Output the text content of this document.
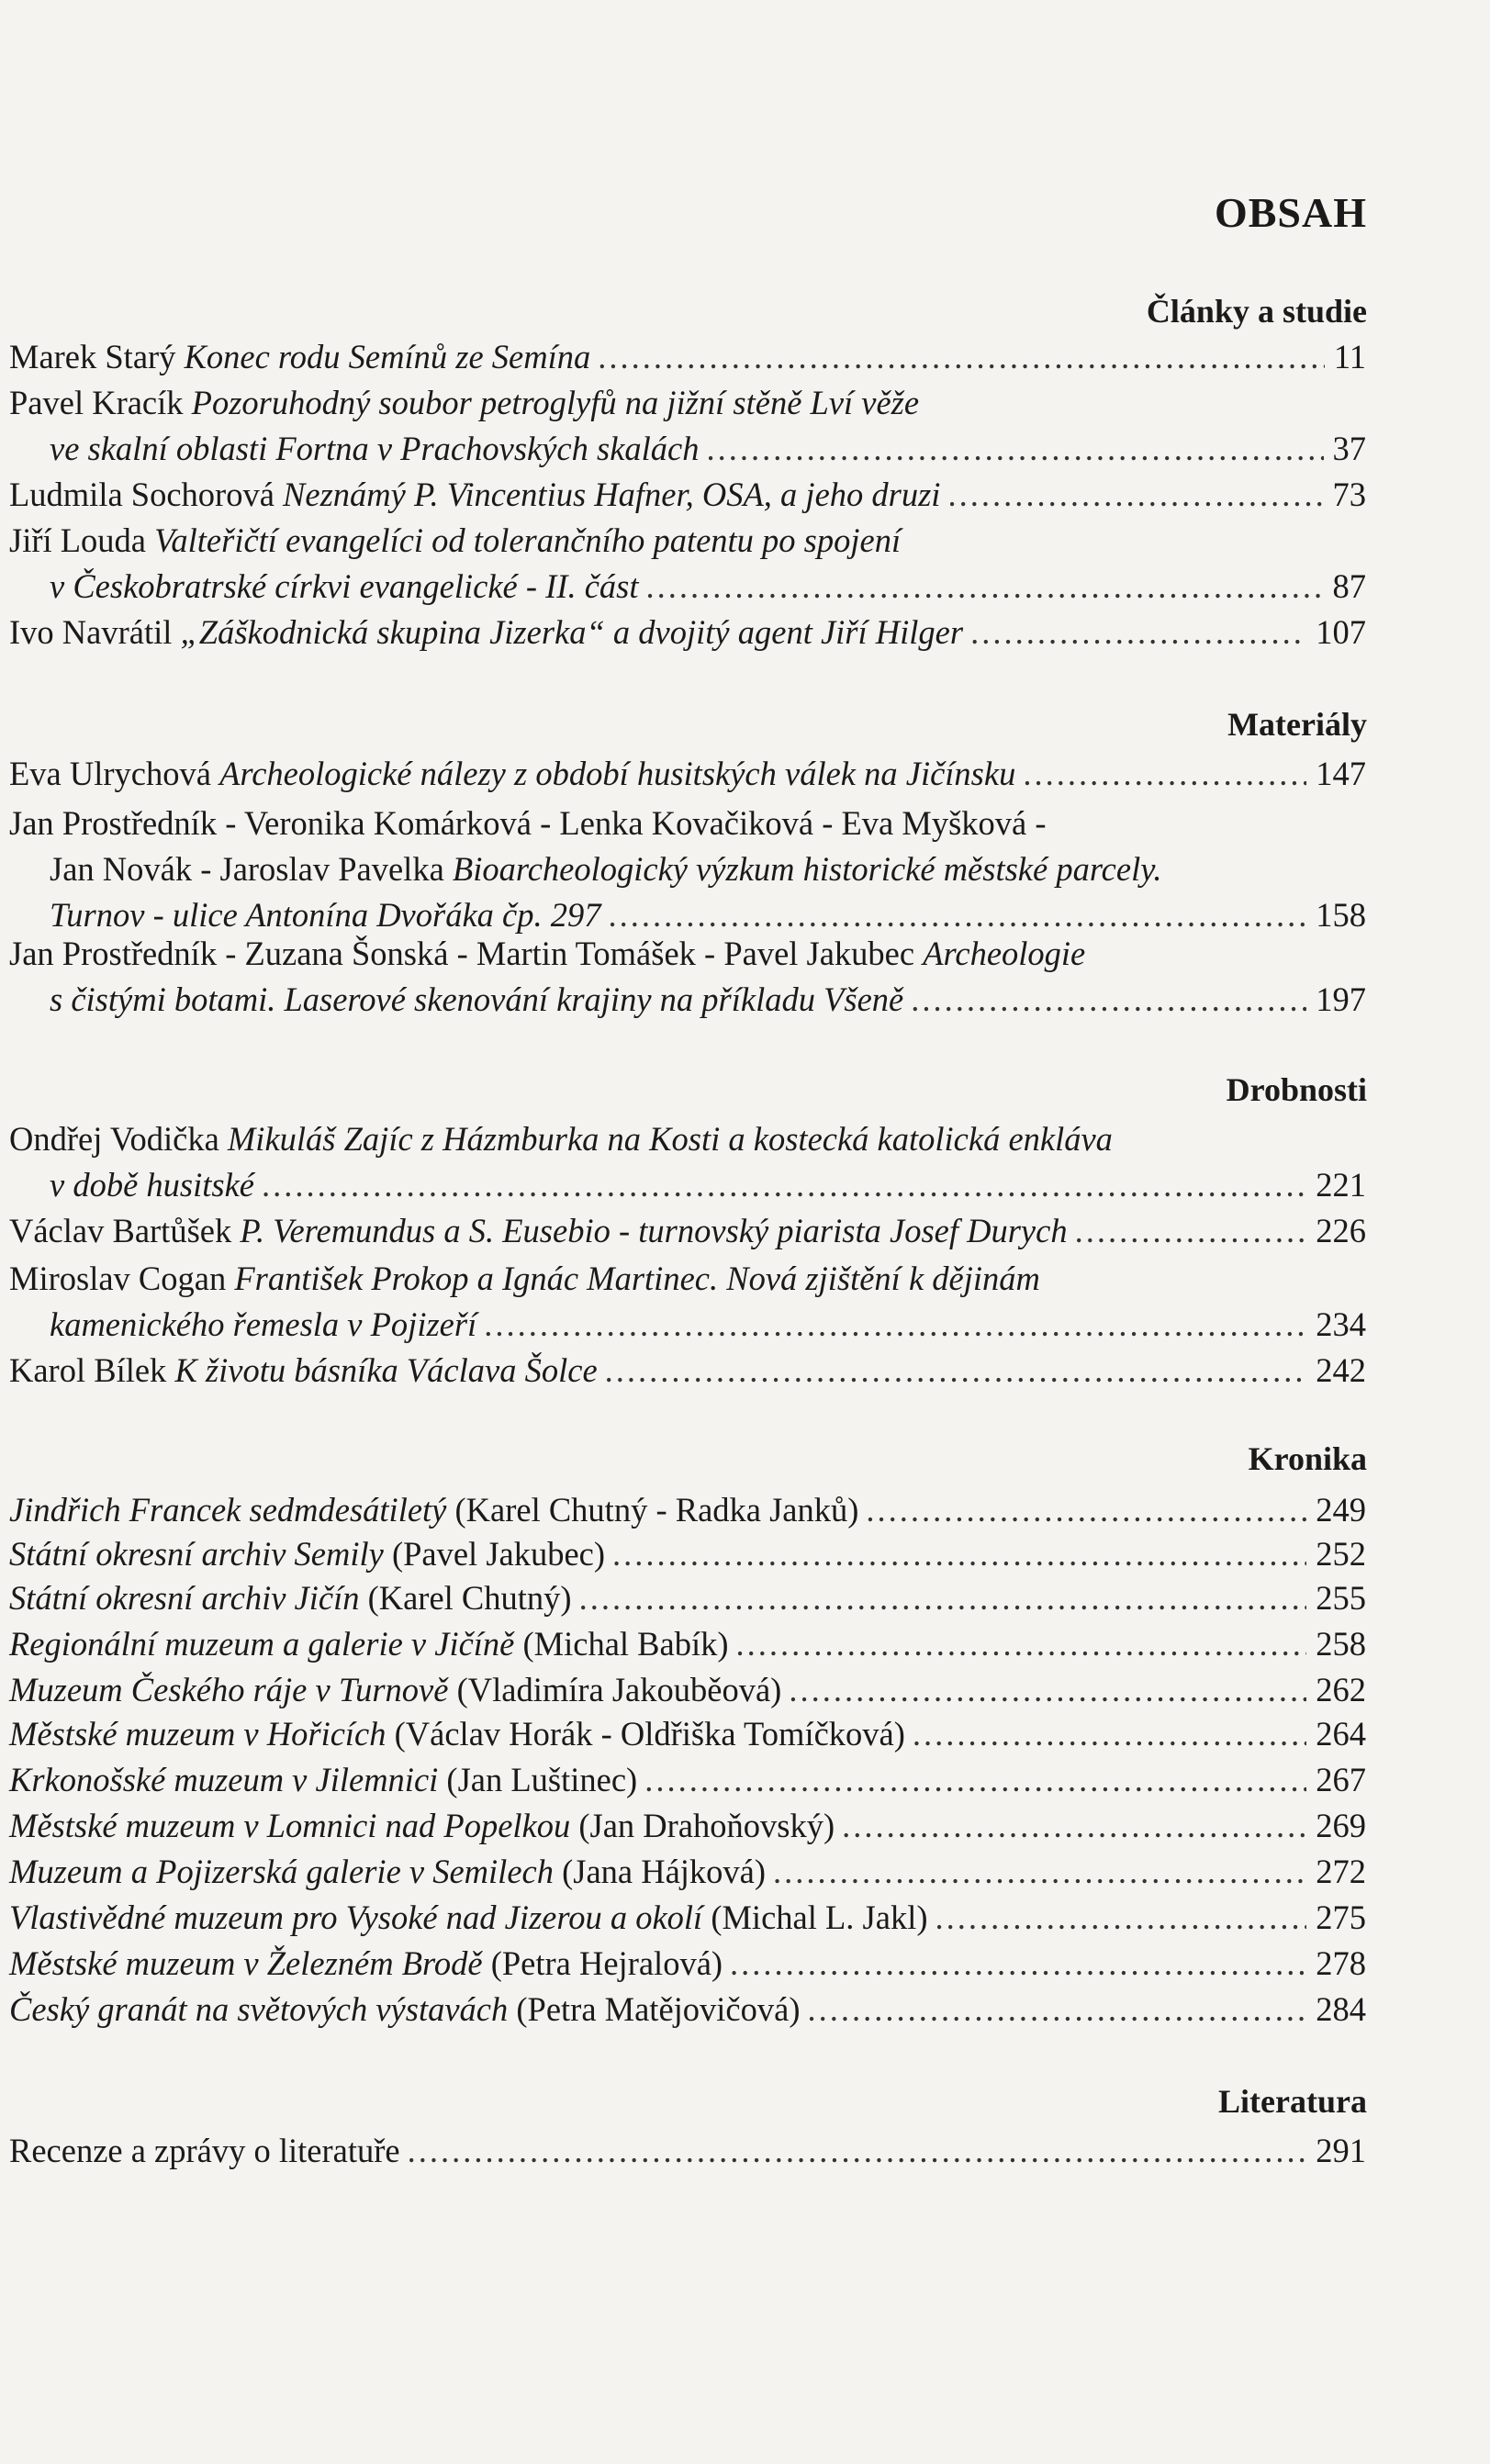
OBSAH
Články a studie
Marek Starý Konec rodu Semínů ze Semína .....	11
Pavel Kracík Pozoruhodný soubor petroglyfů na jižní stěně Lví věže
ve skalní oblasti Fortna v Prachovských skalách .....	37
Ludmila Sochorová Neznámý P. Vincentius Hafner, OSA, a jeho druzi .....	73
Jiří Louda Valteřičtí evangelíci od tolerančního patentu po spojení
v Českobratrské církvi evangelické - II. část .....	87
Ivo Navrátil „Záškodnická skupina Jizerka“ a dvojitý agent Jiří Hilger .....	107
Materiály
Eva Ulrychová Archeologické nálezy z období husitských válek na Jičínsku .....	147
Jan Prostředník - Veronika Komárková - Lenka Kovačiková - Eva Myšková -
Jan Novák - Jaroslav Pavelka Bioarcheologický výzkum historické městské parcely.
Turnov - ulice Antonína Dvořáka čp. 297 .....	158
Jan Prostředník - Zuzana Šonská - Martin Tomášek - Pavel Jakubec Archeologie
s čistými botami. Laserové skenování krajiny na příkladu Všeně .....	197
Drobnosti
Ondřej Vodička Mikuláš Zajíc z Házmburka na Kosti a kostecká katolická enkláva
v době husitské .....	221
Václav Bartůšek P. Veremundus a S. Eusebio - turnovský piarista Josef Durych .....	226
Miroslav Cogan František Prokop a Ignác Martinec. Nová zjištění k dějinám
kamenického řemesla v Pojizeří .....	234
Karol Bílek K životu básníka Václava Šolce .....	242
Kronika
Jindřich Francek sedmdesátiletý (Karel Chutný - Radka Janků) .....	249
Státní okresní archiv Semily (Pavel Jakubec) .....	252
Státní okresní archiv Jičín (Karel Chutný) .....	255
Regionální muzeum a galerie v Jičíně (Michal Babík) .....	258
Muzeum Českého ráje v Turnově (Vladimíra Jakouběová) .....	262
Městské muzeum v Hořicích (Václav Horák - Oldřiška Tomíčková) .....	264
Krkonošské muzeum v Jilemnici (Jan Luštinec) .....	267
Městské muzeum v Lomnici nad Popelkou (Jan Drahoňovský) .....	269
Muzeum a Pojizerská galerie v Semilech (Jana Hájková) .....	272
Vlastivědné muzeum pro Vysoké nad Jizerou a okolí (Michal L. Jakl) .....	275
Městské muzeum v Železném Brodě (Petra Hejralová) .....	278
Český granát na světových výstavách (Petra Matějovičová) .....	284
Literatura
Recenze a zprávy o literatuře .....	291
